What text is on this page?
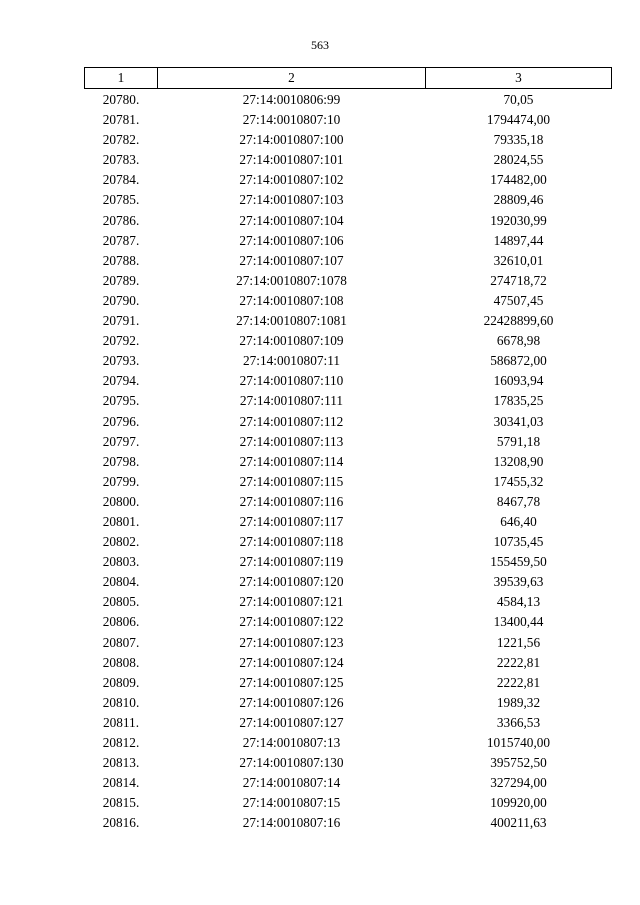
563
1	2	3
20780.	27:14:0010806:99	70,05
20781.	27:14:0010807:10	1794474,00
20782.	27:14:0010807:100	79335,18
20783.	27:14:0010807:101	28024,55
20784.	27:14:0010807:102	174482,00
20785.	27:14:0010807:103	28809,46
20786.	27:14:0010807:104	192030,99
20787.	27:14:0010807:106	14897,44
20788.	27:14:0010807:107	32610,01
20789.	27:14:0010807:1078	274718,72
20790.	27:14:0010807:108	47507,45
20791.	27:14:0010807:1081	22428899,60
20792.	27:14:0010807:109	6678,98
20793.	27:14:0010807:11	586872,00
20794.	27:14:0010807:110	16093,94
20795.	27:14:0010807:111	17835,25
20796.	27:14:0010807:112	30341,03
20797.	27:14:0010807:113	5791,18
20798.	27:14:0010807:114	13208,90
20799.	27:14:0010807:115	17455,32
20800.	27:14:0010807:116	8467,78
20801.	27:14:0010807:117	646,40
20802.	27:14:0010807:118	10735,45
20803.	27:14:0010807:119	155459,50
20804.	27:14:0010807:120	39539,63
20805.	27:14:0010807:121	4584,13
20806.	27:14:0010807:122	13400,44
20807.	27:14:0010807:123	1221,56
20808.	27:14:0010807:124	2222,81
20809.	27:14:0010807:125	2222,81
20810.	27:14:0010807:126	1989,32
20811.	27:14:0010807:127	3366,53
20812.	27:14:0010807:13	1015740,00
20813.	27:14:0010807:130	395752,50
20814.	27:14:0010807:14	327294,00
20815.	27:14:0010807:15	109920,00
20816.	27:14:0010807:16	400211,63
